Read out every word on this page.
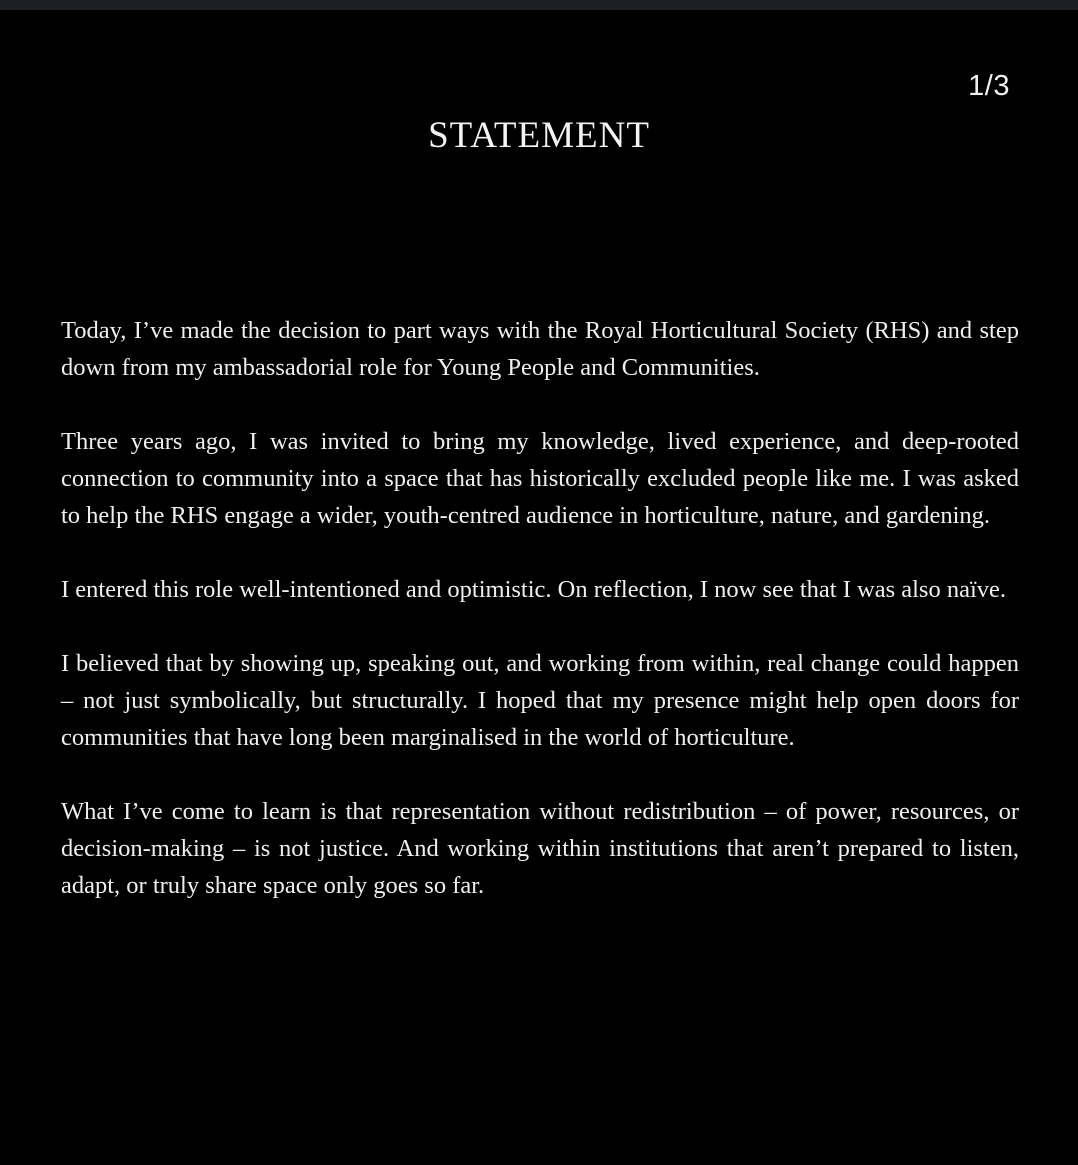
1/3
STATEMENT

Today, I’ve made the decision to part ways with the Royal Horticultural Society (RHS) and step down from my ambassadorial role for Young People and Communities.

Three years ago, I was invited to bring my knowledge, lived experience, and deep-rooted connection to community into a space that has historically excluded people like me. I was asked to help the RHS engage a wider, youth-centred audience in horticulture, nature, and gardening.

I entered this role well-intentioned and optimistic. On reflection, I now see that I was also naïve.

I believed that by showing up, speaking out, and working from within, real change could happen – not just symbolically, but structurally. I hoped that my presence might help open doors for communities that have long been marginalised in the world of horticulture.

What I’ve come to learn is that representation without redistribution – of power, resources, or decision-making – is not justice. And working within institutions that aren’t prepared to listen, adapt, or truly share space only goes so far.
